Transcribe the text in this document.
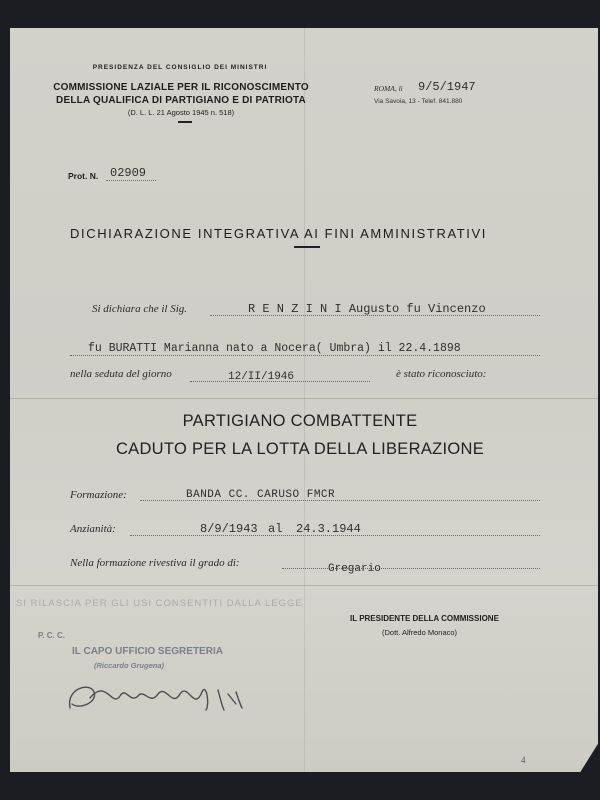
PRESIDENZA DEL CONSIGLIO DEI MINISTRI
COMMISSIONE LAZIALE PER IL RICONOSCIMENTO
DELLA QUALIFICA DI PARTIGIANO E DI PATRIOTA
(D. L. L. 21 Agosto 1945 n. 518)
ROMA, li 9/5/1947
Via Savoia, 13 - Telef. 841.880
Prot. N. 02909
DICHIARAZIONE INTEGRATIVA AI FINI AMMINISTRATIVI
Si dichiara che il Sig.	R E N Z I N I Augusto fu Vincenzo
fu BURATTI Marianna nato a Nocera( Umbra) il 22.4.1898
nella seduta del giorno	12/II/1946	è stato riconosciuto:
PARTIGIANO COMBATTENTE
CADUTO PER LA LOTTA DELLA LIBERAZIONE
Formazione:	BANDA CC. CARUSO FMCR
Anzianità:	8/9/1943 al 24.3.1944
Nella formazione rivestiva il grado di:	Gregario
SI RILASCIA PER GLI USI CONSENTITI DALLA LEGGE
P. C. C.
IL CAPO UFFICIO SEGRETERIA
(Riccardo Grugena)
IL PRESIDENTE DELLA COMMISSIONE
(Dott. Alfredo Monaco)
4
